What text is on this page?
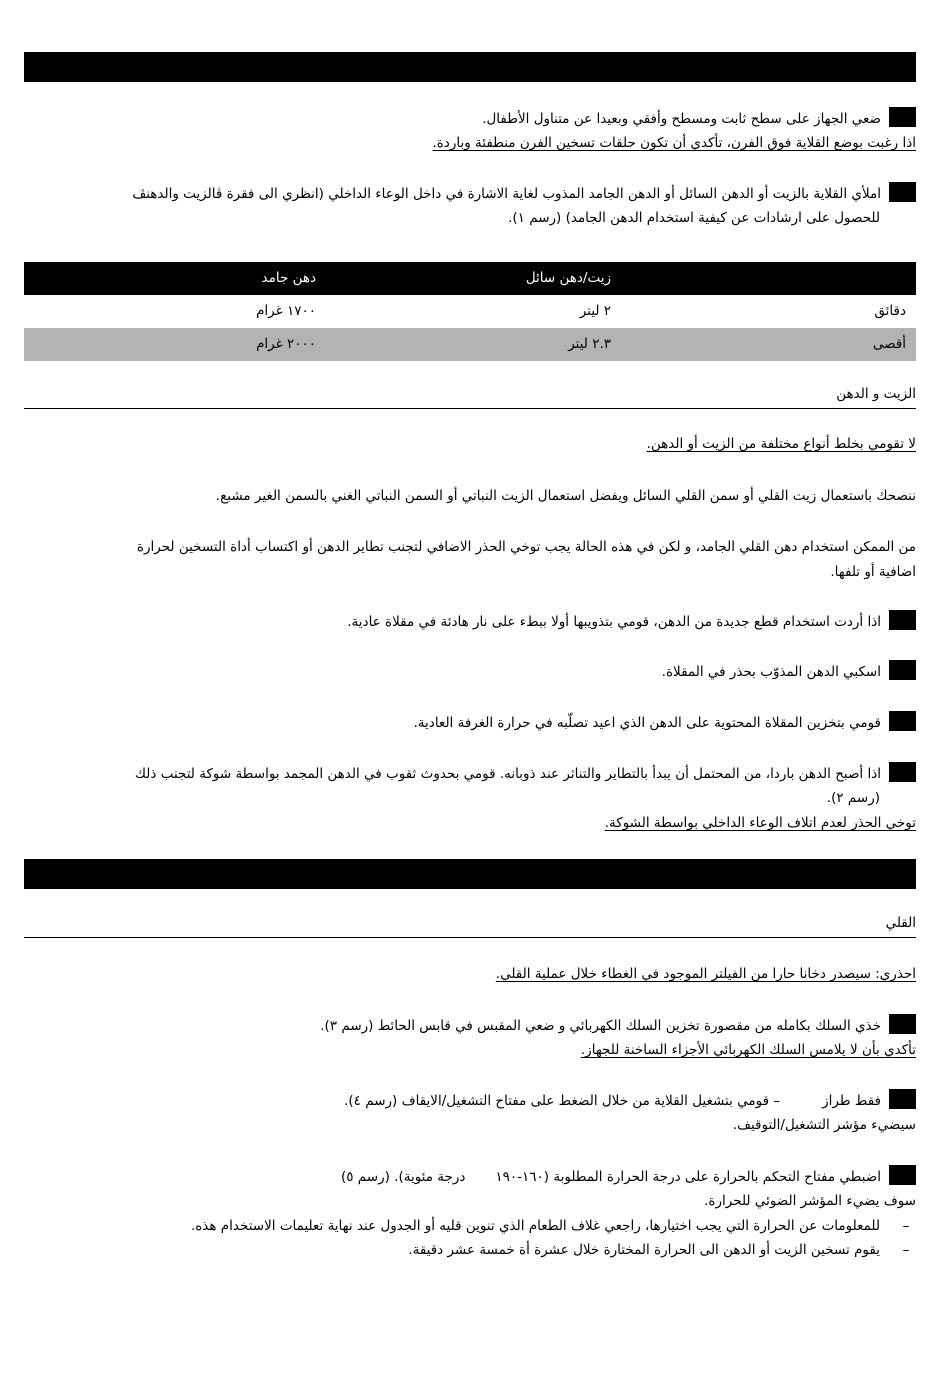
ضعي الجهاز على سطح ثابت ومسطح وأفقي وبعيدا عن متناول الأطفال.
اذا رغبت بوضع القلاية فوق الفرن، تأكدي أن تكون حلقات تسخين الفرن منطفئة وباردة.
املأي القلاية بالزيت أو الدهن السائل أو الدهن الجامد المذوب لغاية الاشارة في داخل الوعاء الداخلي (انظري الى فقرة ڤالزيت والدهنڤ
للحصول على ارشادات عن كيفية استخدام الدهن الجامد) (رسم ١).
زيت/دهن سائل
دهن جامد
دقائق
٢ ليتر
١٧٠٠ غرام
أقصى
٢.٣ ليتر
٢٠٠٠ غرام
الزيت و الدهن
لا تقومي بخلط أنواع مختلفة من الزيت أو الدهن.
ننصحك باستعمال زيت القلي أو سمن القلي السائل ويفضل استعمال الزيت النباتي أو السمن النباتي الغني بالسمن الغير مشبع.
من الممكن استخدام دهن القلي الجامد، و لكن في هذه الحالة يجب توخي الحذر الاضافي لتجنب تطاير الدهن أو اكتساب أداة التسخين لحرارة
اضافية أو تلفها.
اذا أردت استخدام قطع جديدة من الدهن، قومي بتذويبها أولا ببطء على نار هادئة في مقلاة عادية.
اسكبي الدهن المذوّب بحذر في المقلاة.
قومي بتخزين المقلاة المحتوية على الدهن الذي اعيد تصلّبه في حرارة الغرفة العادية.
اذا أصبح الدهن باردا، من المحتمل أن يبدأ بالتطاير والتناثر عند ذوبانه. قومي بحدوث ثقوب في الدهن المجمد بواسطة شوكة لتجنب ذلك
(رسم ٢).
توخي الحذر لعدم اتلاف الوعاء الداخلي بواسطة الشوكة.
القلي
احذري: سيصدر دخانا حارا من الفيلتر الموجود في الغطاء خلال عملية القلي.
خذي السلك بكامله من مقصورة تخزين السلك الكهربائي و ضعي المقبس في قابس الحائط (رسم ٣).
تأكدي بأن لا يلامس السلك الكهربائي الأجزاء الساخنة للجهاز.
فقط طراز– قومي بتشغيل القلاية من خلال الضغط على مفتاح التشغيل/الايقاف (رسم ٤).
سيضيء مؤشر التشغيل/التوقيف.
اضبطي مفتاح التحكم بالحرارة على درجة الحرارة المطلوبة (١٦٠-١٩٠درجة مئوية). (رسم ٥)
سوف يضيء المؤشر الضوئي للحرارة.
–
للمعلومات عن الحرارة التي يجب اختيارها، راجعي غلاف الطعام الذي تنوين قليه أو الجدول عند نهاية تعليمات الاستخدام هذه.
–
يقوم تسخين الزيت أو الدهن الى الحرارة المختارة خلال عشرة أة خمسة عشر دقيقة.
